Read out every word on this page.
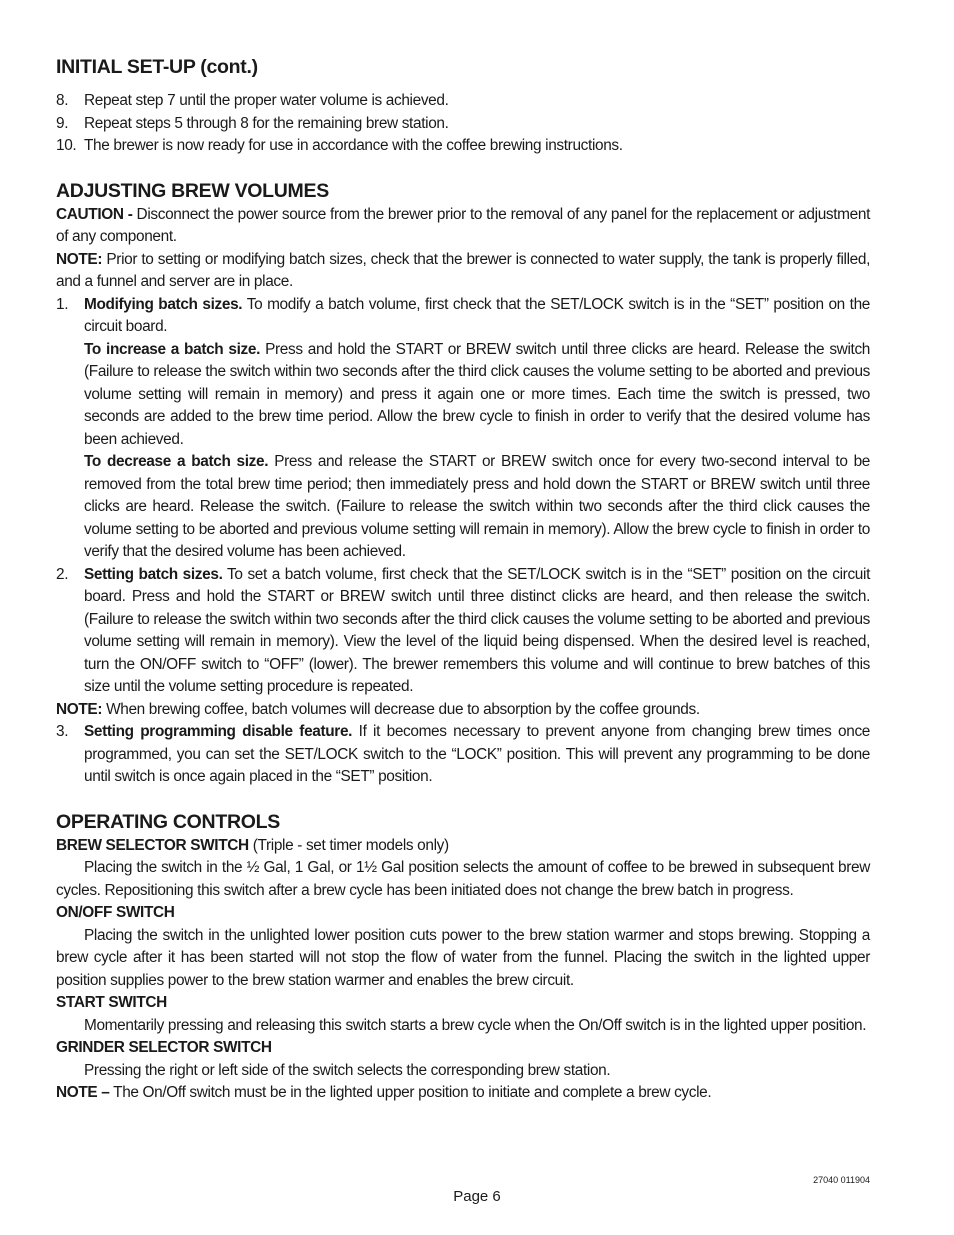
INITIAL SET-UP (cont.)
8.	Repeat step 7 until the proper water volume is achieved.
9.	Repeat steps 5 through 8 for the remaining brew station.
10. The brewer is now ready for use in accordance with the coffee brewing instructions.
ADJUSTING BREW VOLUMES

CAUTION - Disconnect the power source from the brewer prior to the removal of any panel for the replacement or adjustment of any component.

NOTE: Prior to setting or modifying batch sizes, check that the brewer is connected to water supply, the tank is properly filled, and a funnel and server are in place.

1.	Modifying batch sizes. To modify a batch volume, first check that the SET/LOCK switch is in the “SET” position on the circuit board.

To increase a batch size. Press and hold the START or BREW switch until three clicks are heard. Release the switch (Failure to release the switch within two seconds after the third click causes the volume setting to be aborted and previous volume setting will remain in memory) and press it again one or more times. Each time the switch is pressed, two seconds are added to the brew time period. Allow the brew cycle to finish in order to verify that the desired volume has been achieved.

To decrease a batch size. Press and release the START or BREW switch once for every two-second interval to be removed from the total brew time period; then immediately press and hold down the START or BREW switch until three clicks are heard. Release the switch. (Failure to release the switch within two seconds after the third click causes the volume setting to be aborted and previous volume setting will remain in memory). Allow the brew cycle to finish in order to verify that the desired volume has been achieved.

2.	Setting batch sizes. To set a batch volume, first check that the SET/LOCK switch is in the “SET” position on the circuit board. Press and hold the START or BREW switch until three distinct clicks are heard, and then release the switch. (Failure to release the switch within two seconds after the third click causes the volume setting to be aborted and previous volume setting will remain in memory). View the level of the liquid being dispensed. When the desired level is reached, turn the ON/OFF switch to “OFF” (lower). The brewer remembers this volume and will continue to brew batches of this size until the volume setting procedure is repeated.

NOTE: When brewing coffee, batch volumes will decrease due to absorption by the coffee grounds.

3.	Setting programming disable feature. If it becomes necessary to prevent anyone from changing brew times once programmed, you can set the SET/LOCK switch to the “LOCK” position. This will prevent any programming to be done until switch is once again placed in the “SET” position.

OPERATING CONTROLS

BREW SELECTOR SWITCH (Triple - set timer models only)

Placing the switch in the ½ Gal, 1 Gal, or 1½ Gal position selects the amount of coffee to be brewed in subsequent brew cycles. Repositioning this switch after a brew cycle has been initiated does not change the brew batch in progress.

ON/OFF SWITCH

Placing the switch in the unlighted lower position cuts power to the brew station warmer and stops brewing. Stopping a brew cycle after it has been started will not stop the flow of water from the funnel. Placing the switch in the lighted upper position supplies power to the brew station warmer and enables the brew circuit.

START SWITCH

Momentarily pressing and releasing this switch starts a brew cycle when the On/Off switch is in the lighted upper position.

GRINDER SELECTOR SWITCH

Pressing the right or left side of the switch selects the corresponding brew station.

NOTE – The On/Off switch must be in the lighted upper position to initiate and complete a brew cycle.

27040 011904
Page 6
